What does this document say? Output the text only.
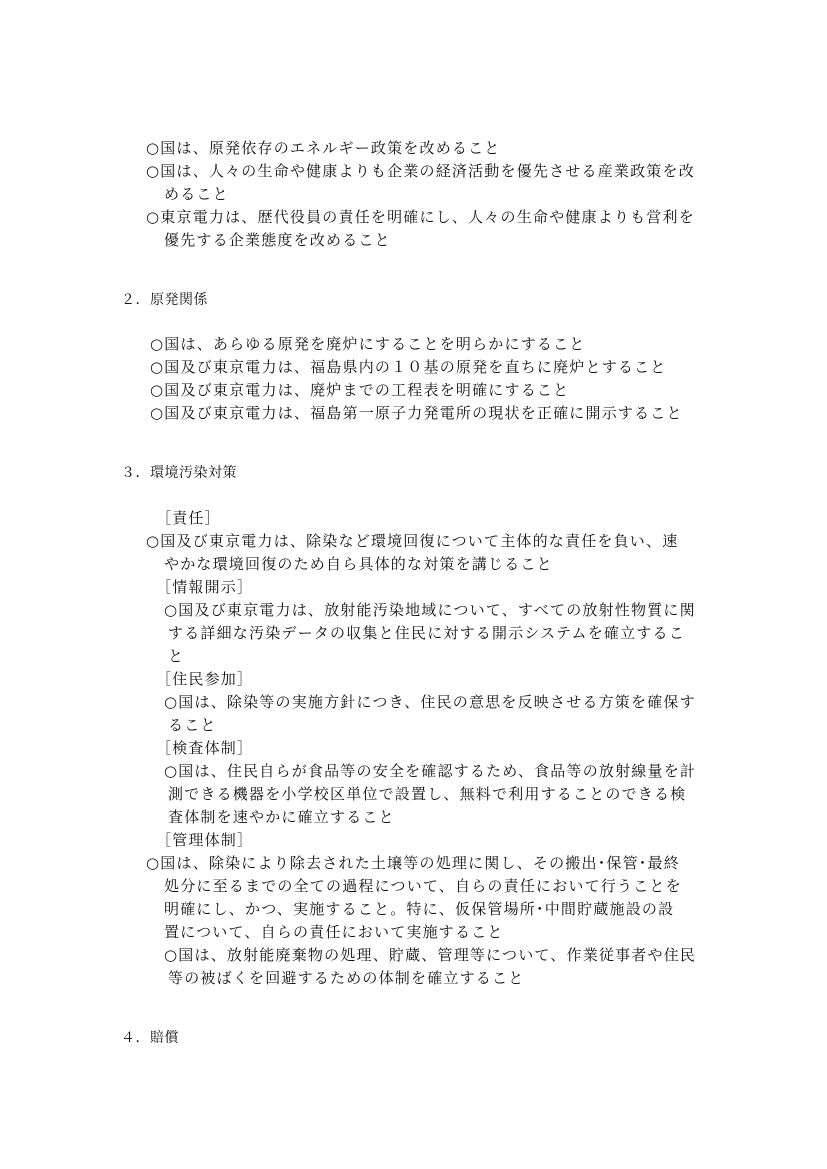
○国は、原発依存のエネルギー政策を改めること
○国は、人々の生命や健康よりも企業の経済活動を優先させる産業政策を改
めること
○東京電力は、歴代役員の責任を明確にし、人々の生命や健康よりも営利を
優先する企業態度を改めること
２．原発関係
○国は、あらゆる原発を廃炉にすることを明らかにすること
○国及び東京電力は、福島県内の１０基の原発を直ちに廃炉とすること
○国及び東京電力は、廃炉までの工程表を明確にすること
○国及び東京電力は、福島第一原子力発電所の現状を正確に開示すること
３．環境汚染対策
［責任］
○国及び東京電力は、除染など環境回復について主体的な責任を負い、速
やかな環境回復のため自ら具体的な対策を講じること
［情報開示］
○国及び東京電力は、放射能汚染地域について、すべての放射性物質に関
する詳細な汚染データの収集と住民に対する開示システムを確立するこ
と
［住民参加］
○国は、除染等の実施方針につき、住民の意思を反映させる方策を確保す
ること
［検査体制］
○国は、住民自らが食品等の安全を確認するため、食品等の放射線量を計
測できる機器を小学校区単位で設置し、無料で利用することのできる検
査体制を速やかに確立すること
［管理体制］
○国は、除染により除去された土壌等の処理に関し、その搬出･保管･最終
処分に至るまでの全ての過程について、自らの責任において行うことを
明確にし、かつ、実施すること。特に、仮保管場所･中間貯蔵施設の設
置について、自らの責任において実施すること
○国は、放射能廃棄物の処理、貯蔵、管理等について、作業従事者や住民
等の被ばくを回避するための体制を確立すること
４．賠償
